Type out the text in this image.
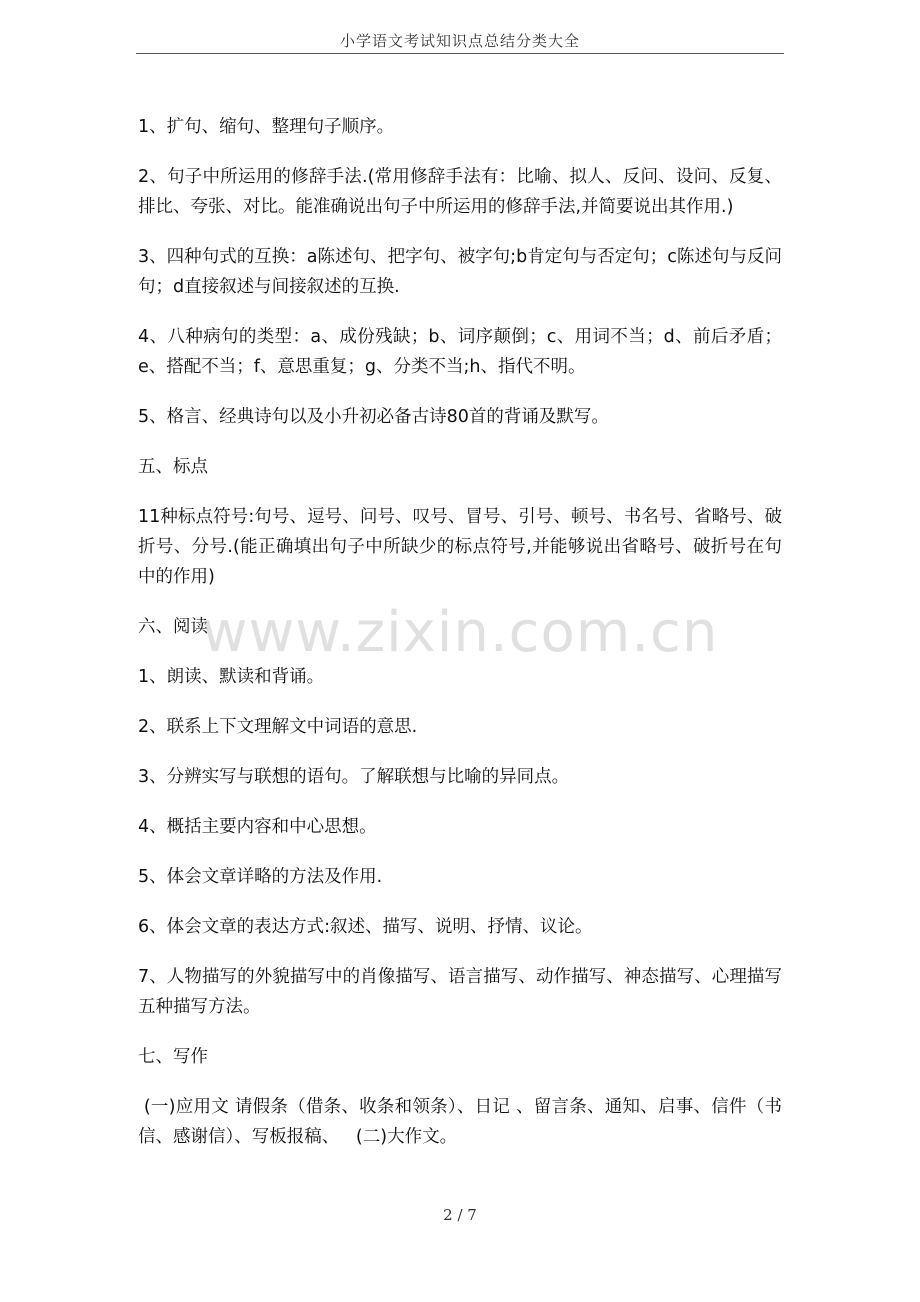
小学语文考试知识点总结分类大全

1、扩句、缩句、整理句子顺序。

2、句子中所运用的修辞手法.(常用修辞手法有：比喻、拟人、反问、设问、反复、排比、夸张、对比。能准确说出句子中所运用的修辞手法,并简要说出其作用.)

3、四种句式的互换：a陈述句、把字句、被字句;b肯定句与否定句；c陈述句与反问句；d直接叙述与间接叙述的互换.

4、八种病句的类型：a、成份残缺；b、词序颠倒；c、用词不当；d、前后矛盾；e、搭配不当；f、意思重复；g、分类不当;h、指代不明。

5、格言、经典诗句以及小升初必备古诗80首的背诵及默写。

五、标点

11种标点符号:句号、逗号、问号、叹号、冒号、引号、顿号、书名号、省略号、破折号、分号.(能正确填出句子中所缺少的标点符号,并能够说出省略号、破折号在句中的作用)

六、阅读

1、朗读、默读和背诵。

2、联系上下文理解文中词语的意思.

3、分辨实写与联想的语句。了解联想与比喻的异同点。

4、概括主要内容和中心思想。

5、体会文章详略的方法及作用.

6、体会文章的表达方式:叙述、描写、说明、抒情、议论。

7、人物描写的外貌描写中的肖像描写、语言描写、动作描写、神态描写、心理描写五种描写方法。

七、写作

(一)应用文 请假条（借条、收条和领条）、日记 、留言条、通知、启事、信件（书信、感谢信）、写板报稿、   (二)大作文。

www.zixin.com.cn
2 / 7
